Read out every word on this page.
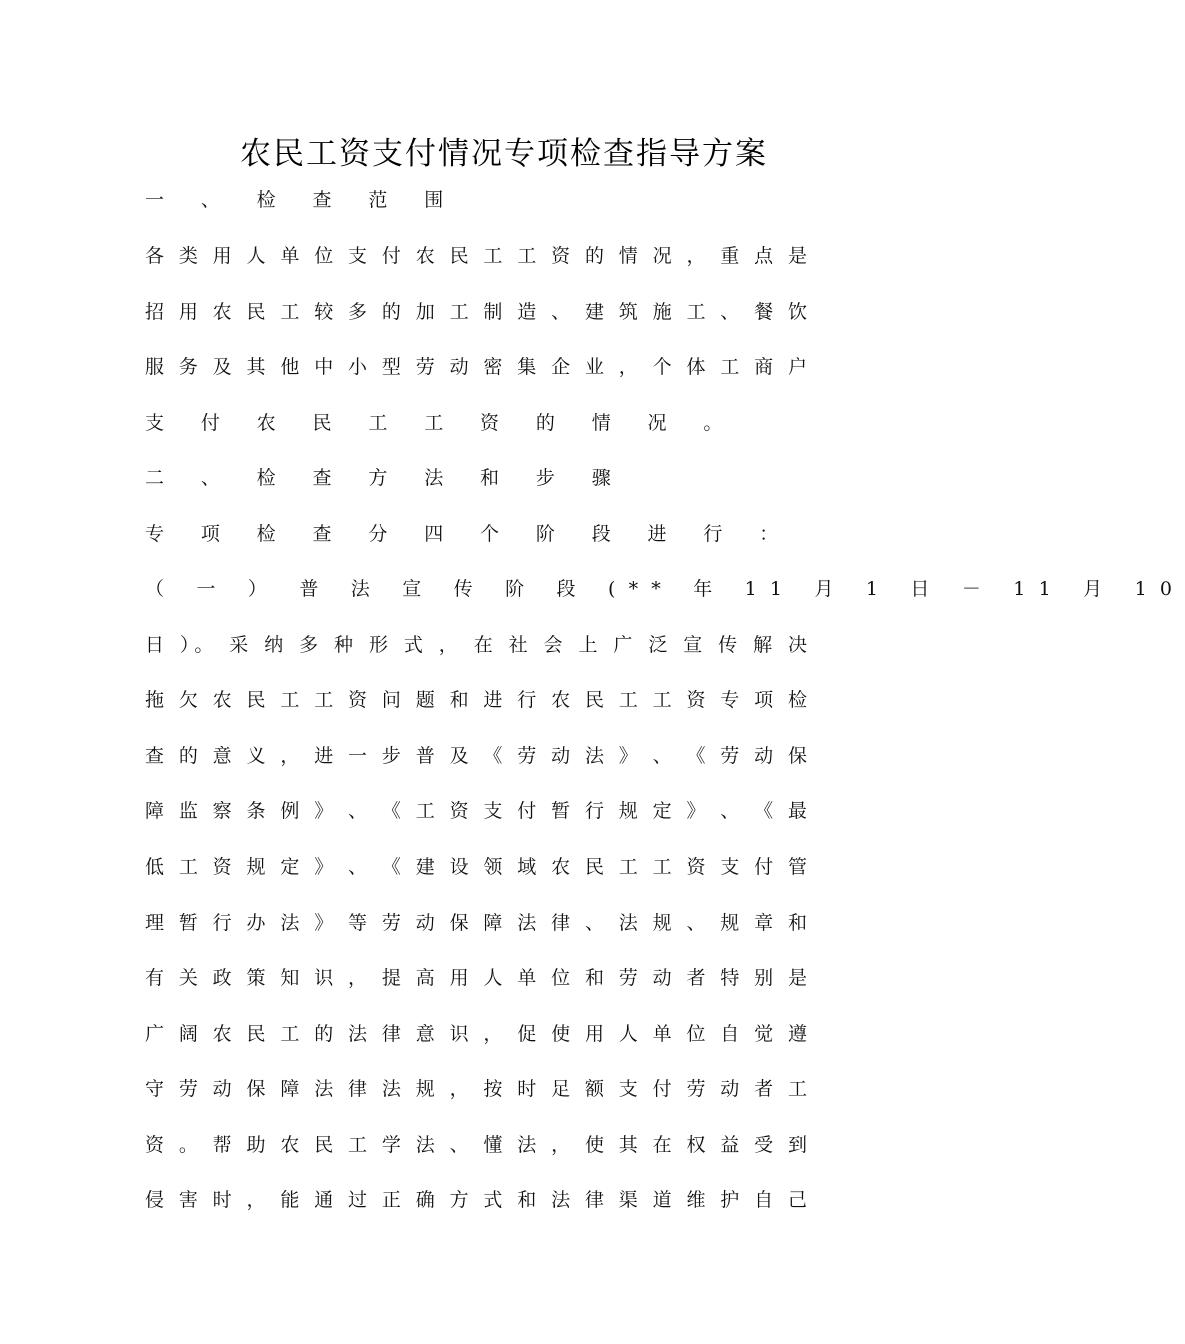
农民工资支付情况专项检查指导方案
一 、 检 查 范 围
各 类 用 人 单 位 支 付 农 民 工 工 资 的 情 况 ， 重 点 是
招 用 农 民 工 较 多 的 加 工 制 造 、 建 筑 施 工 、 餐 饮
服 务 及 其 他 中 小 型 劳 动 密 集 企 业 ， 个 体 工 商 户
支 付 农 民 工 工 资 的 情 况 。
二 、 检 查 方 法 和 步 骤
专 项 检 查 分 四 个 阶 段 进 行 ：
（ 一 ） 普 法 宣 传 阶 段 (** 年 11 月 1 日 － 11 月 10
日 ）。 采 纳 多 种 形 式 ， 在 社 会 上 广 泛 宣 传 解 决
拖 欠 农 民 工 工 资 问 题 和 进 行 农 民 工 工 资 专 项 检
查 的 意 义 ， 进 一 步 普 及 《 劳 动 法 》 、 《 劳 动 保
障 监 察 条 例 》 、 《 工 资 支 付 暂 行 规 定 》 、 《 最
低 工 资 规 定 》 、 《 建 设 领 域 农 民 工 工 资 支 付 管
理 暂 行 办 法 》 等 劳 动 保 障 法 律 、 法 规 、 规 章 和
有 关 政 策 知 识 ， 提 高 用 人 单 位 和 劳 动 者 特 别 是
广 阔 农 民 工 的 法 律 意 识 ， 促 使 用 人 单 位 自 觉 遵
守 劳 动 保 障 法 律 法 规 ， 按 时 足 额 支 付 劳 动 者 工
资 。 帮 助 农 民 工 学 法 、 懂 法 ， 使 其 在 权 益 受 到
侵 害 时 ， 能 通 过 正 确 方 式 和 法 律 渠 道 维 护 自 己
